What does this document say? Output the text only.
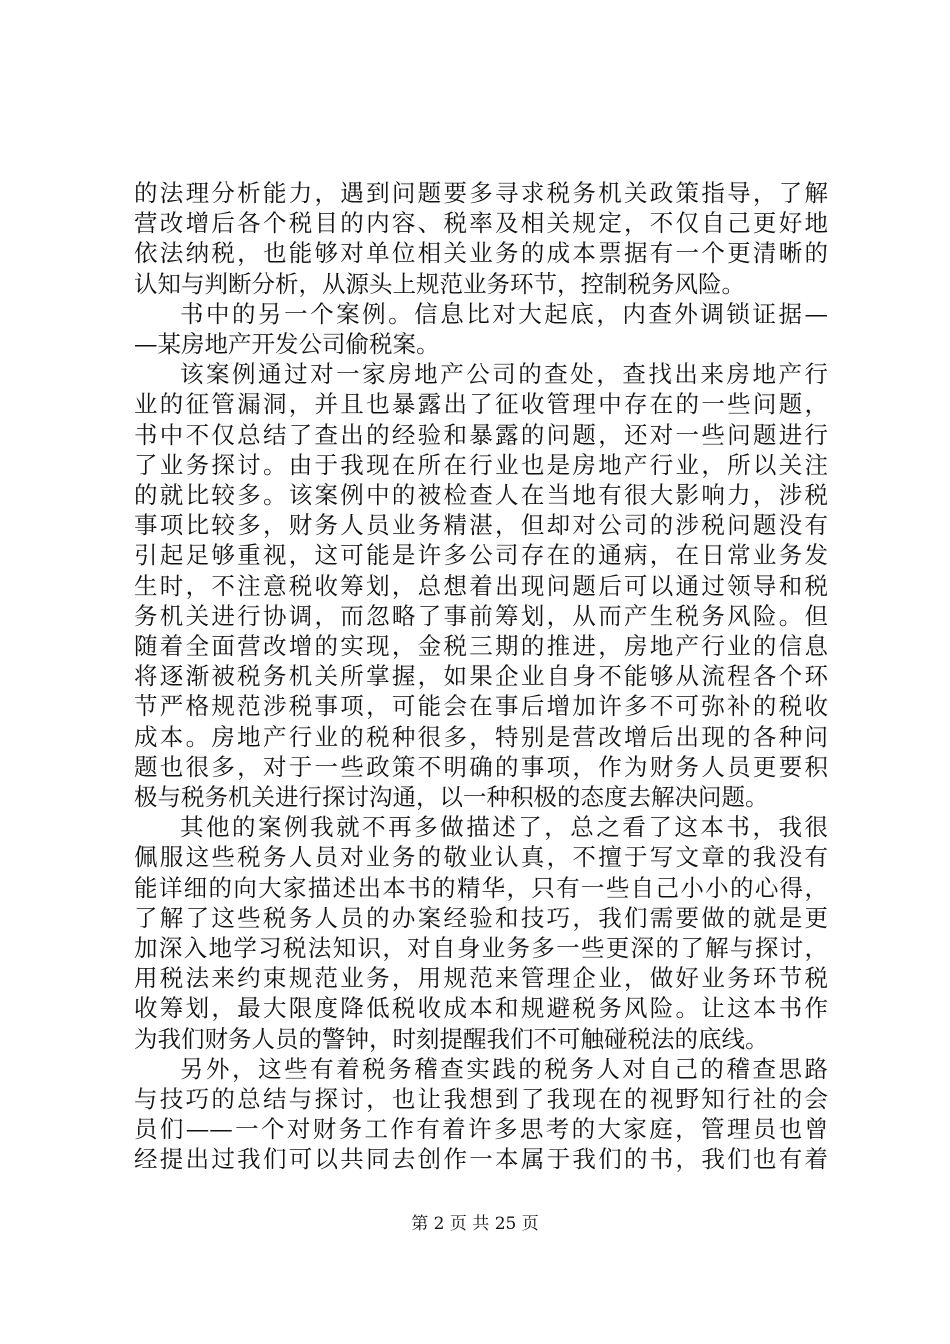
的法理分析能力，遇到问题要多寻求税务机关政策指导，了解
营改增后各个税目的内容、税率及相关规定，不仅自己更好地
依法纳税，也能够对单位相关业务的成本票据有一个更清晰的
认知与判断分析，从源头上规范业务环节，控制税务风险。
书中的另一个案例。信息比对大起底，内查外调锁证据—
—某房地产开发公司偷税案。
该案例通过对一家房地产公司的查处，查找出来房地产行
业的征管漏洞，并且也暴露出了征收管理中存在的一些问题，
书中不仅总结了查出的经验和暴露的问题，还对一些问题进行
了业务探讨。由于我现在所在行业也是房地产行业，所以关注
的就比较多。该案例中的被检查人在当地有很大影响力，涉税
事项比较多，财务人员业务精湛，但却对公司的涉税问题没有
引起足够重视，这可能是许多公司存在的通病，在日常业务发
生时，不注意税收筹划，总想着出现问题后可以通过领导和税
务机关进行协调，而忽略了事前筹划，从而产生税务风险。但
随着全面营改增的实现，金税三期的推进，房地产行业的信息
将逐渐被税务机关所掌握，如果企业自身不能够从流程各个环
节严格规范涉税事项，可能会在事后增加许多不可弥补的税收
成本。房地产行业的税种很多，特别是营改增后出现的各种问
题也很多，对于一些政策不明确的事项，作为财务人员更要积
极与税务机关进行探讨沟通，以一种积极的态度去解决问题。
其他的案例我就不再多做描述了，总之看了这本书，我很
佩服这些税务人员对业务的敬业认真，不擅于写文章的我没有
能详细的向大家描述出本书的精华，只有一些自己小小的心得，
了解了这些税务人员的办案经验和技巧，我们需要做的就是更
加深入地学习税法知识，对自身业务多一些更深的了解与探讨，
用税法来约束规范业务，用规范来管理企业，做好业务环节税
收筹划，最大限度降低税收成本和规避税务风险。让这本书作
为我们财务人员的警钟，时刻提醒我们不可触碰税法的底线。
另外，这些有着税务稽查实践的税务人对自己的稽查思路
与技巧的总结与探讨，也让我想到了我现在的视野知行社的会
员们——一个对财务工作有着许多思考的大家庭，管理员也曾
经提出过我们可以共同去创作一本属于我们的书，我们也有着
第 2 页 共 25 页
